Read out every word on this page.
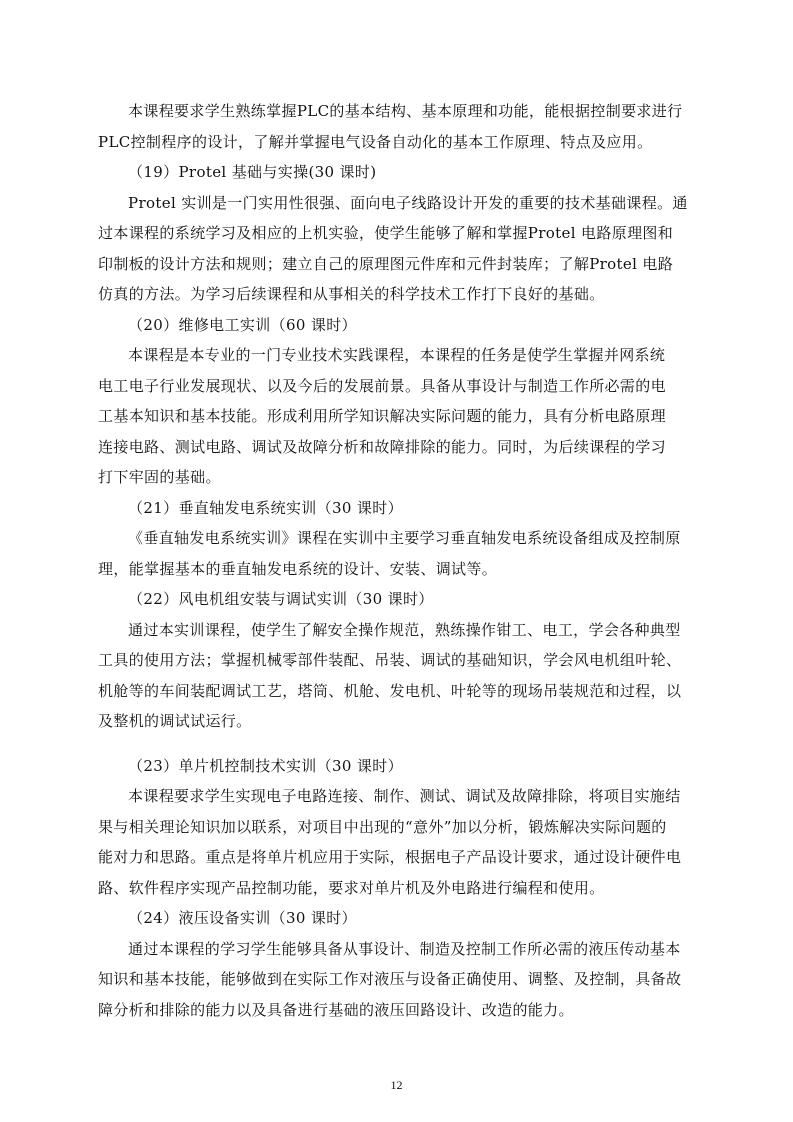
本课程要求学生熟练掌握PLC的基本结构、基本原理和功能，能根据控制要求进行
PLC控制程序的设计，了解并掌握电气设备自动化的基本工作原理、特点及应用。
（19）Protel 基础与实操(30 课时)
Protel 实训是一门实用性很强、面向电子线路设计开发的重要的技术基础课程。通
过本课程的系统学习及相应的上机实验，使学生能够了解和掌握Protel 电路原理图和
印制板的设计方法和规则；建立自己的原理图元件库和元件封装库；了解Protel 电路
仿真的方法。为学习后续课程和从事相关的科学技术工作打下良好的基础。
（20）维修电工实训（60 课时）
本课程是本专业的一门专业技术实践课程，本课程的任务是使学生掌握并网系统
电工电子行业发展现状、以及今后的发展前景。具备从事设计与制造工作所必需的电
工基本知识和基本技能。形成利用所学知识解决实际问题的能力，具有分析电路原理
连接电路、测试电路、调试及故障分析和故障排除的能力。同时，为后续课程的学习
打下牢固的基础。
（21）垂直轴发电系统实训（30 课时）
《垂直轴发电系统实训》课程在实训中主要学习垂直轴发电系统设备组成及控制原
理，能掌握基本的垂直轴发电系统的设计、安装、调试等。
（22）风电机组安装与调试实训（30 课时）
通过本实训课程，使学生了解安全操作规范，熟练操作钳工、电工，学会各种典型
工具的使用方法；掌握机械零部件装配、吊装、调试的基础知识，学会风电机组叶轮、
机舱等的车间装配调试工艺，塔筒、机舱、发电机、叶轮等的现场吊装规范和过程，以
及整机的调试试运行。
（23）单片机控制技术实训（30 课时）
本课程要求学生实现电子电路连接、制作、测试、调试及故障排除，将项目实施结
果与相关理论知识加以联系，对项目中出现的“意外”加以分析，锻炼解决实际问题的
能对力和思路。重点是将单片机应用于实际，根据电子产品设计要求，通过设计硬件电
路、软件程序实现产品控制功能，要求对单片机及外电路进行编程和使用。
（24）液压设备实训（30 课时）
通过本课程的学习学生能够具备从事设计、制造及控制工作所必需的液压传动基本
知识和基本技能，能够做到在实际工作对液压与设备正确使用、调整、及控制，具备故
障分析和排除的能力以及具备进行基础的液压回路设计、改造的能力。
12
